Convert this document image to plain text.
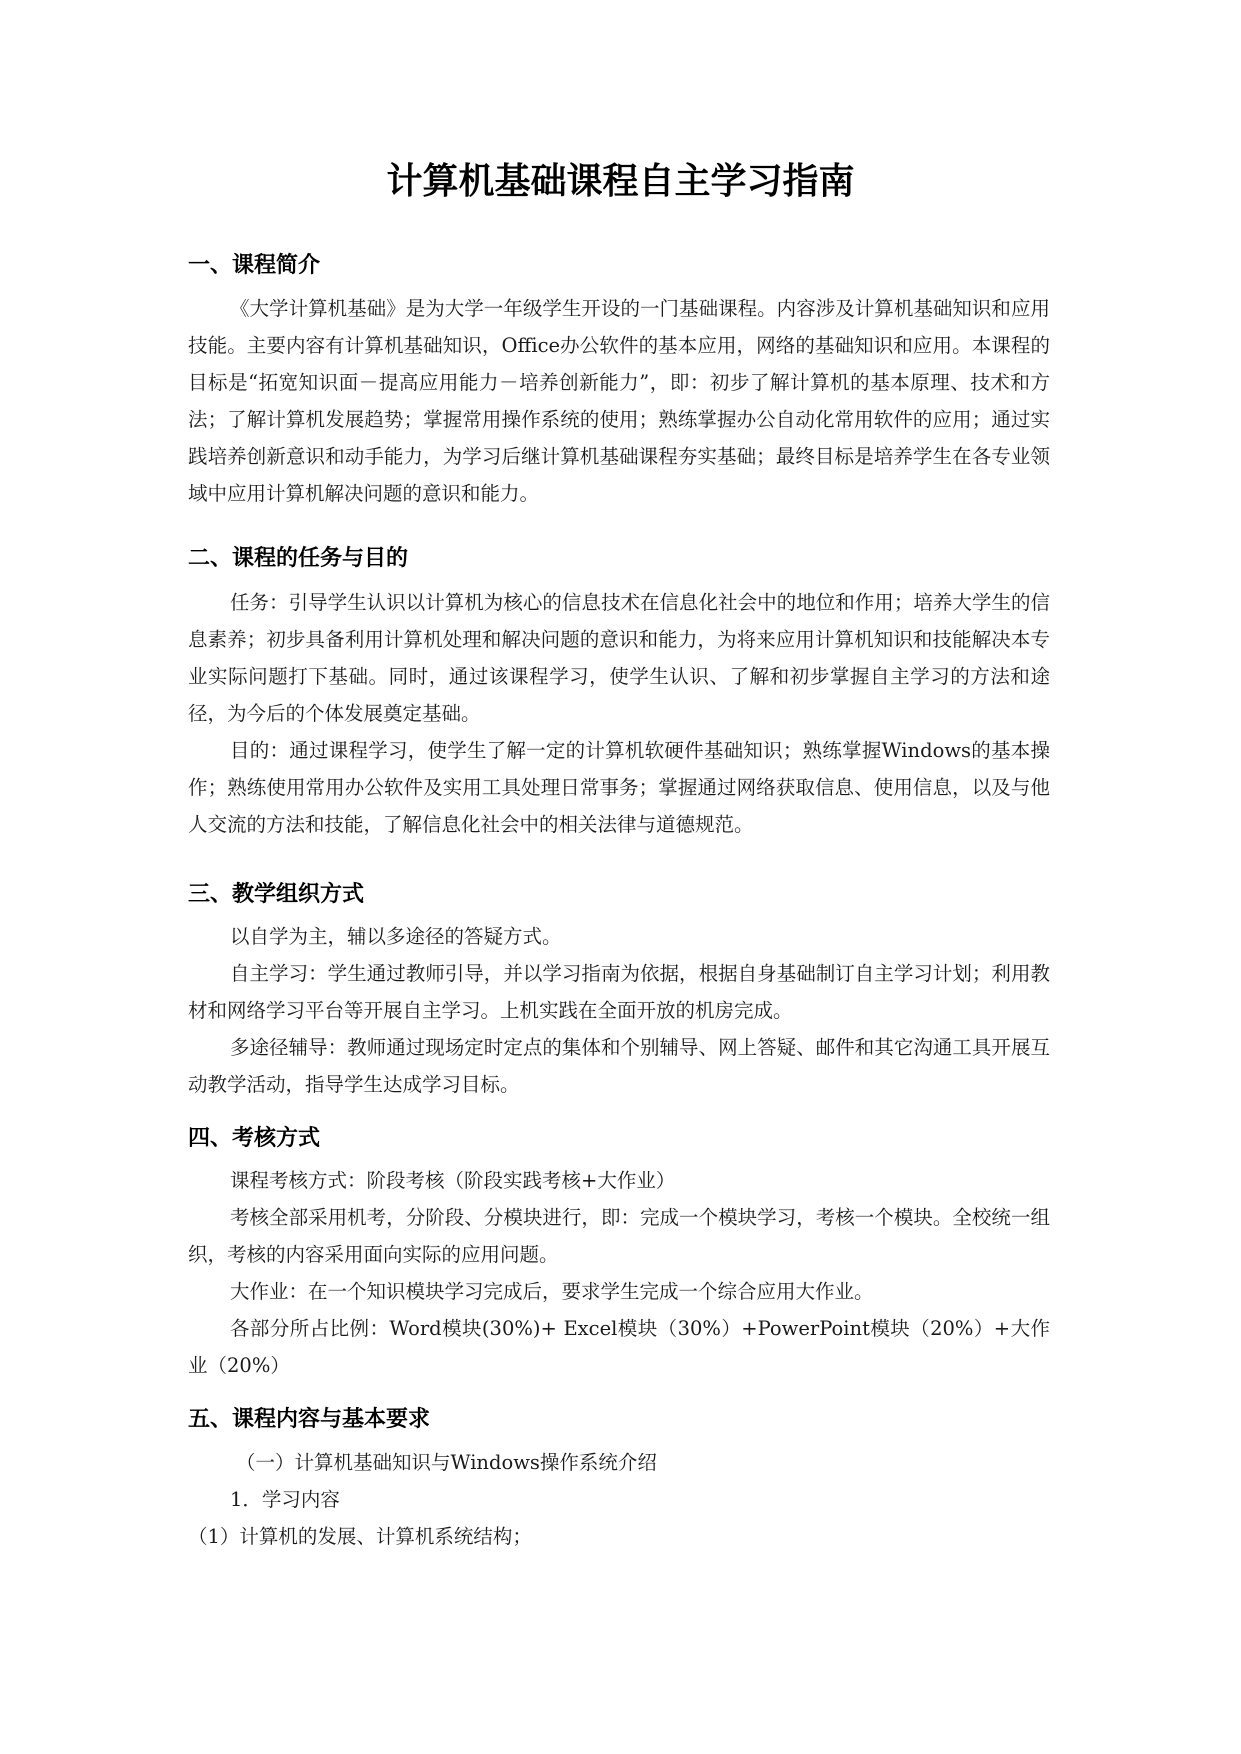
计算机基础课程自主学习指南
一、课程简介

《大学计算机基础》是为大学一年级学生开设的一门基础课程。内容涉及计算机基础知识和应用技能。主要内容有计算机基础知识，Office办公软件的基本应用，网络的基础知识和应用。本课程的目标是“拓宽知识面－提高应用能力－培养创新能力”，即：初步了解计算机的基本原理、技术和方法；了解计算机发展趋势；掌握常用操作系统的使用；熟练掌握办公自动化常用软件的应用；通过实践培养创新意识和动手能力，为学习后继计算机基础课程夯实基础；最终目标是培养学生在各专业领域中应用计算机解决问题的意识和能力。

二、课程的任务与目的

任务：引导学生认识以计算机为核心的信息技术在信息化社会中的地位和作用；培养大学生的信息素养；初步具备利用计算机处理和解决问题的意识和能力，为将来应用计算机知识和技能解决本专业实际问题打下基础。同时，通过该课程学习，使学生认识、了解和初步掌握自主学习的方法和途径，为今后的个体发展奠定基础。

目的：通过课程学习，使学生了解一定的计算机软硬件基础知识；熟练掌握Windows的基本操作；熟练使用常用办公软件及实用工具处理日常事务；掌握通过网络获取信息、使用信息，以及与他人交流的方法和技能，了解信息化社会中的相关法律与道德规范。

三、教学组织方式

以自学为主，辅以多途径的答疑方式。

自主学习：学生通过教师引导，并以学习指南为依据，根据自身基础制订自主学习计划；利用教材和网络学习平台等开展自主学习。上机实践在全面开放的机房完成。

多途径辅导：教师通过现场定时定点的集体和个别辅导、网上答疑、邮件和其它沟通工具开展互动教学活动，指导学生达成学习目标。

四、考核方式

课程考核方式：阶段考核（阶段实践考核+大作业）

考核全部采用机考，分阶段、分模块进行，即：完成一个模块学习，考核一个模块。全校统一组织，考核的内容采用面向实际的应用问题。

大作业：在一个知识模块学习完成后，要求学生完成一个综合应用大作业。

各部分所占比例：Word模块(30%)+ Excel模块（30%）+PowerPoint模块（20%）+大作业（20%）

五、课程内容与基本要求

（一）计算机基础知识与Windows操作系统介绍

1．学习内容

（1）计算机的发展、计算机系统结构；
